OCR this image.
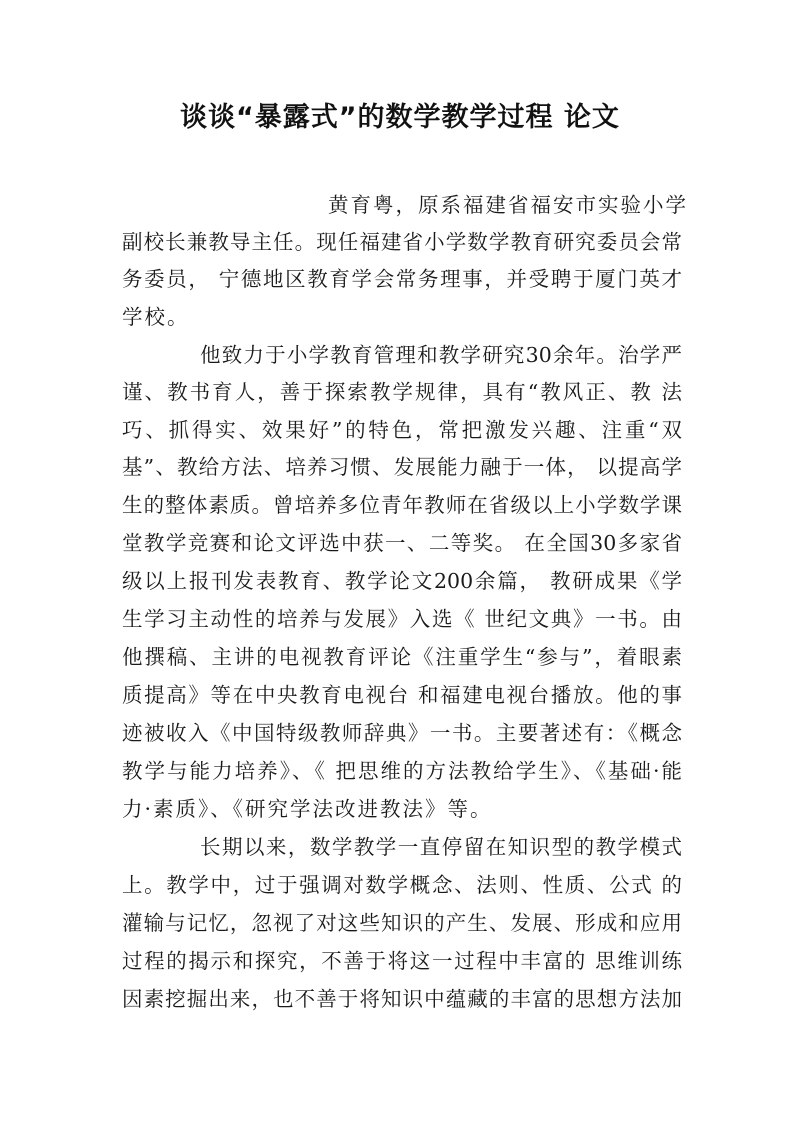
谈谈“暴露式”的数学教学过程 论文
黄育粤，原系福建省福安市实验小学
副校长兼教导主任。现任福建省小学数学教育研究委员会常
务委员， 宁德地区教育学会常务理事，并受聘于厦门英才
学校。
他致力于小学教育管理和教学研究30余年。治学严
谨、教书育人，善于探索教学规律，具有“教风正、教 法
巧、抓得实、效果好”的特色，常把激发兴趣、注重“双
基”、教给方法、培养习惯、发展能力融于一体， 以提高学
生的整体素质。曾培养多位青年教师在省级以上小学数学课
堂教学竞赛和论文评选中获一、二等奖。 在全国30多家省
级以上报刊发表教育、教学论文200余篇， 教研成果《学
生学习主动性的培养与发展》入选《 世纪文典》一书。由
他撰稿、主讲的电视教育评论《注重学生“参与”，着眼素
质提高》等在中央教育电视台 和福建电视台播放。他的事
迹被收入《中国特级教师辞典》一书。主要著述有：《概念
教学与能力培养》、《 把思维的方法教给学生》、《基础·能
力·素质》、《研究学法改进教法》等。
长期以来，数学教学一直停留在知识型的教学模式
上。教学中，过于强调对数学概念、法则、性质、公式 的
灌输与记忆，忽视了对这些知识的产生、发展、形成和应用
过程的揭示和探究，不善于将这一过程中丰富的 思维训练
因素挖掘出来，也不善于将知识中蕴藏的丰富的思想方法加
